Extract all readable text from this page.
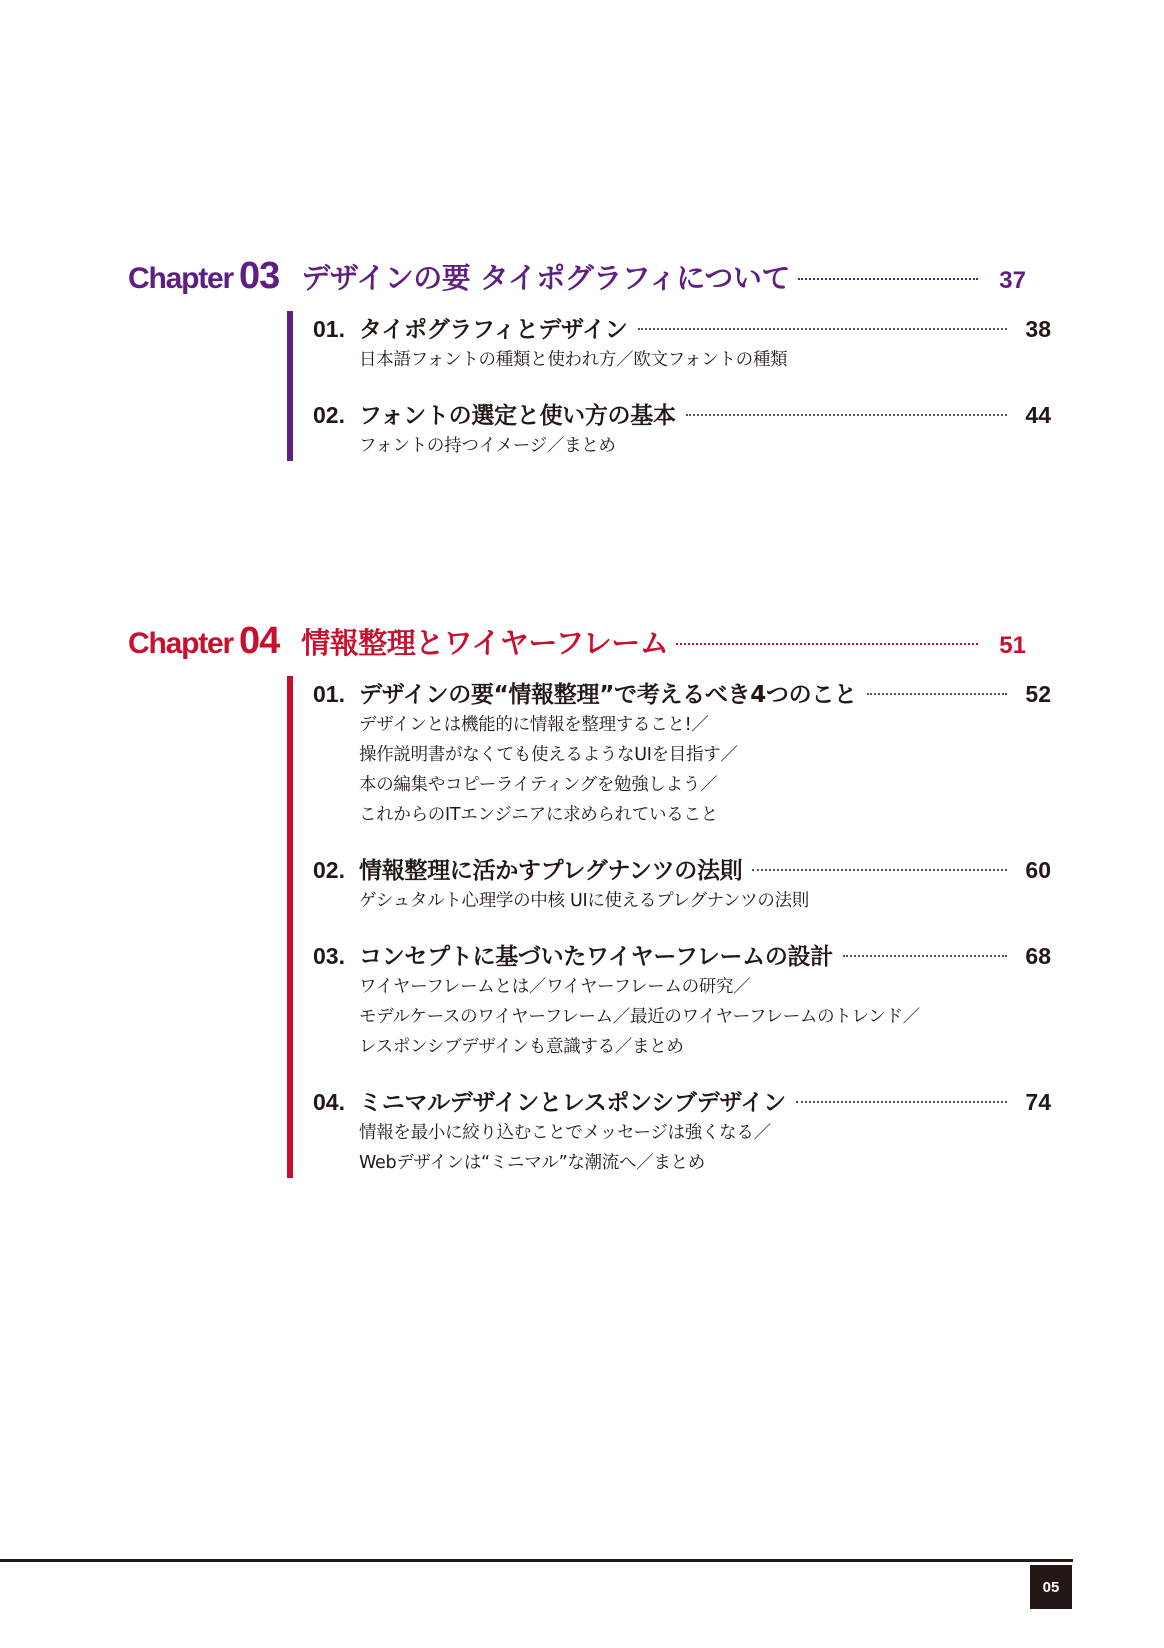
Chapter 03 デザインの要 タイポグラフィについて	37
01. タイポグラフィとデザイン	38
日本語フォントの種類と使われ方／欧文フォントの種類
02. フォントの選定と使い方の基本	44
フォントの持つイメージ／まとめ
Chapter 04 情報整理とワイヤーフレーム	51
01. デザインの要“情報整理”で考えるべき4つのこと	52
デザインとは機能的に情報を整理すること!／
操作説明書がなくても使えるようなUIを目指す／
本の編集やコピーライティングを勉強しよう／
これからのITエンジニアに求められていること
02. 情報整理に活かすプレグナンツの法則	60
ゲシュタルト心理学の中核 UIに使えるプレグナンツの法則
03. コンセプトに基づいたワイヤーフレームの設計	68
ワイヤーフレームとは／ワイヤーフレームの研究／
モデルケースのワイヤーフレーム／最近のワイヤーフレームのトレンド／
レスポンシブデザインも意識する／まとめ
04. ミニマルデザインとレスポンシブデザイン	74
情報を最小に絞り込むことでメッセージは強くなる／
Webデザインは“ミニマル”な潮流へ／まとめ
05
